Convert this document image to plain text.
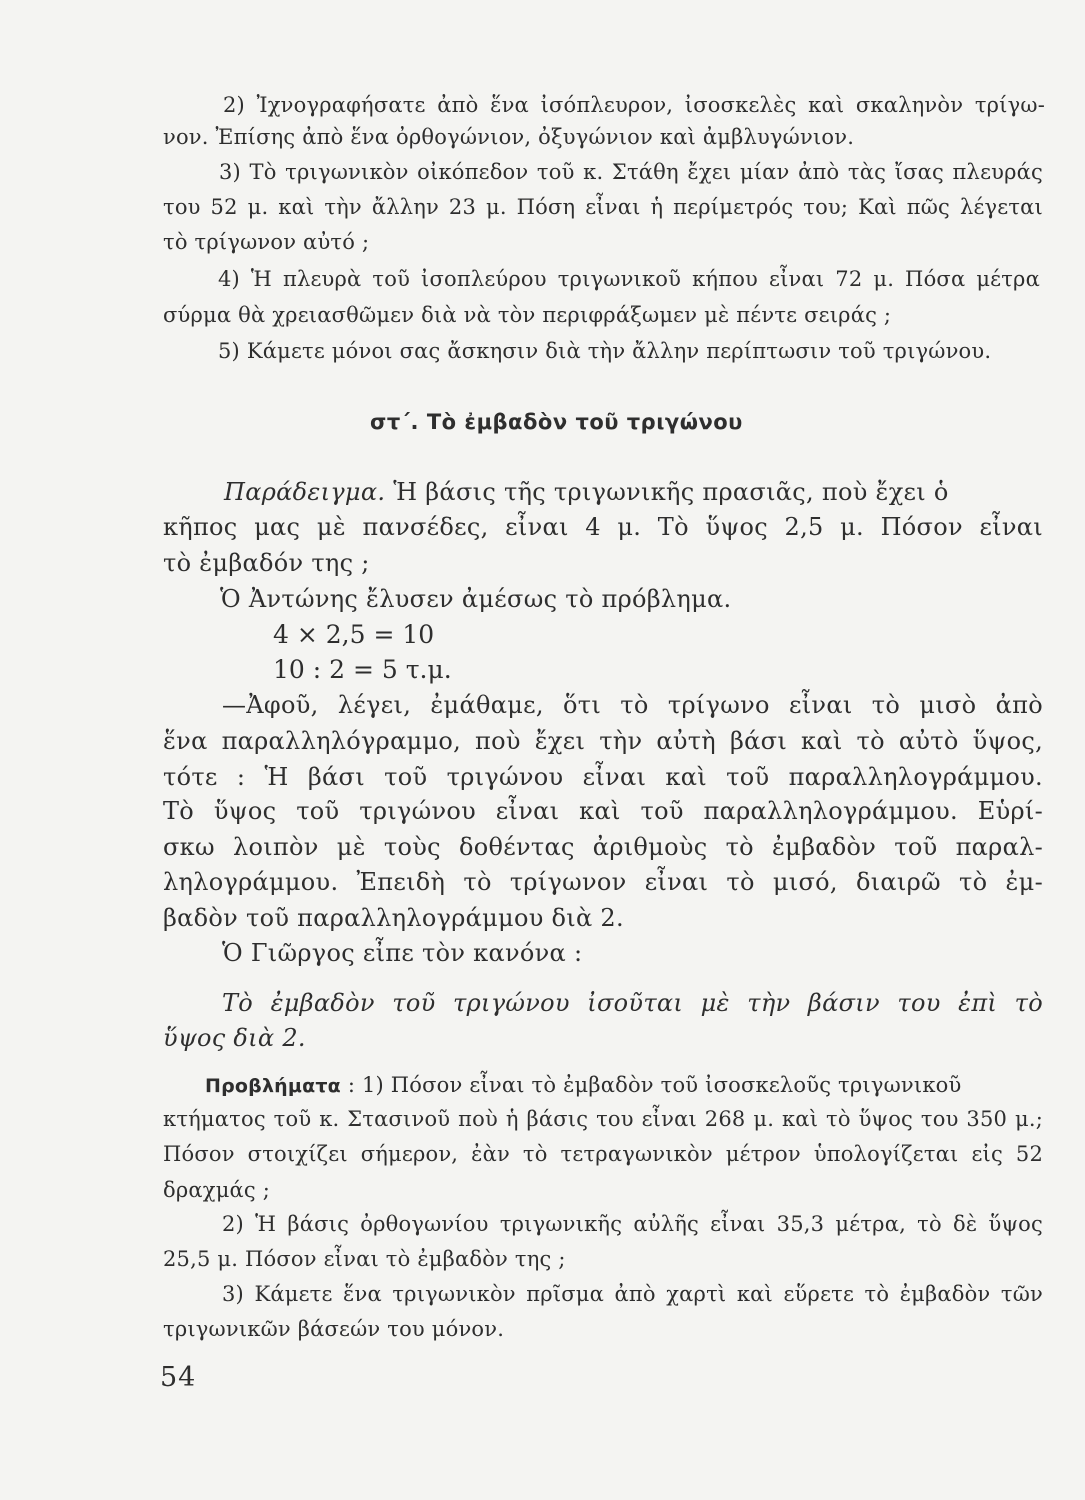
2) Ἰχνογραφήσατε ἀπὸ ἕνα ἰσόπλευρον, ἰσοσκελὲς καὶ σκαληνὸν τρίγω-

νον. Ἐπίσης ἀπὸ ἕνα ὀρθογώνιον, ὀξυγώνιον καὶ ἀμβλυγώνιον.

3) Τὸ τριγωνικὸν οἰκόπεδον τοῦ κ. Στάθη ἔχει μίαν ἀπὸ τὰς ἴσας πλευράς

του 52 μ. καὶ τὴν ἄλλην 23 μ. Πόση εἶναι ἡ περίμετρός του; Καὶ πῶς λέγεται

τὸ τρίγωνον αὐτό ;

4) Ἡ πλευρὰ τοῦ ἰσοπλεύρου τριγωνικοῦ κήπου εἶναι 72 μ. Πόσα μέτρα

σύρμα θὰ χρειασθῶμεν διὰ νὰ τὸν περιφράξωμεν μὲ πέντε σειράς ;

5) Κάμετε μόνοι σας ἄσκησιν διὰ τὴν ἄλλην περίπτωσιν τοῦ τριγώνου.

στ΄. Τὸ ἐμβαδὸν τοῦ τριγώνου

Παράδειγμα. Ἡ βάσις τῆς τριγωνικῆς πρασιᾶς, ποὺ ἔχει ὁ

κῆπος μας μὲ πανσέδες, εἶναι 4 μ. Τὸ ὕψος 2,5 μ. Πόσον εἶναι

τὸ ἐμβαδόν της ;

Ὁ Ἀντώνης ἔλυσεν ἀμέσως τὸ πρόβλημα.

4 × 2,5 = 10

10 : 2 = 5 τ.μ.

—Ἀφοῦ, λέγει, ἐμάθαμε, ὅτι τὸ τρίγωνο εἶναι τὸ μισὸ ἀπὸ

ἕνα παραλληλόγραμμο, ποὺ ἔχει τὴν αὐτὴ βάσι καὶ τὸ αὐτὸ ὕψος,

τότε : Ἡ βάσι τοῦ τριγώνου εἶναι καὶ τοῦ παραλληλογράμμου.

Τὸ ὕψος τοῦ τριγώνου εἶναι καὶ τοῦ παραλληλογράμμου. Εὑρί-

σκω λοιπὸν μὲ τοὺς δοθέντας ἀριθμοὺς τὸ ἐμβαδὸν τοῦ παραλ-

ληλογράμμου. Ἐπειδὴ τὸ τρίγωνον εἶναι τὸ μισό, διαιρῶ τὸ ἐμ-

βαδὸν τοῦ παραλληλογράμμου διὰ 2.

Ὁ Γιῶργος εἶπε τὸν κανόνα :

Τὸ ἐμβαδὸν τοῦ τριγώνου ἰσοῦται μὲ τὴν βάσιν του ἐπὶ τὸ

ὕψος διὰ 2.

Προβλήματα : 1) Πόσον εἶναι τὸ ἐμβαδὸν τοῦ ἰσοσκελοῦς τριγωνικοῦ

κτήματος τοῦ κ. Στασινοῦ ποὺ ἡ βάσις του εἶναι 268 μ. καὶ τὸ ὕψος του 350 μ.;

Πόσον στοιχίζει σήμερον, ἐὰν τὸ τετραγωνικὸν μέτρον ὑπολογίζεται εἰς 52

δραχμάς ;

2) Ἡ βάσις ὀρθογωνίου τριγωνικῆς αὐλῆς εἶναι 35,3 μέτρα, τὸ δὲ ὕψος

25,5 μ. Πόσον εἶναι τὸ ἐμβαδὸν της ;

3) Κάμετε ἕνα τριγωνικὸν πρῖσμα ἀπὸ χαρτὶ καὶ εὕρετε τὸ ἐμβαδὸν τῶν

τριγωνικῶν βάσεών του μόνον.

54
